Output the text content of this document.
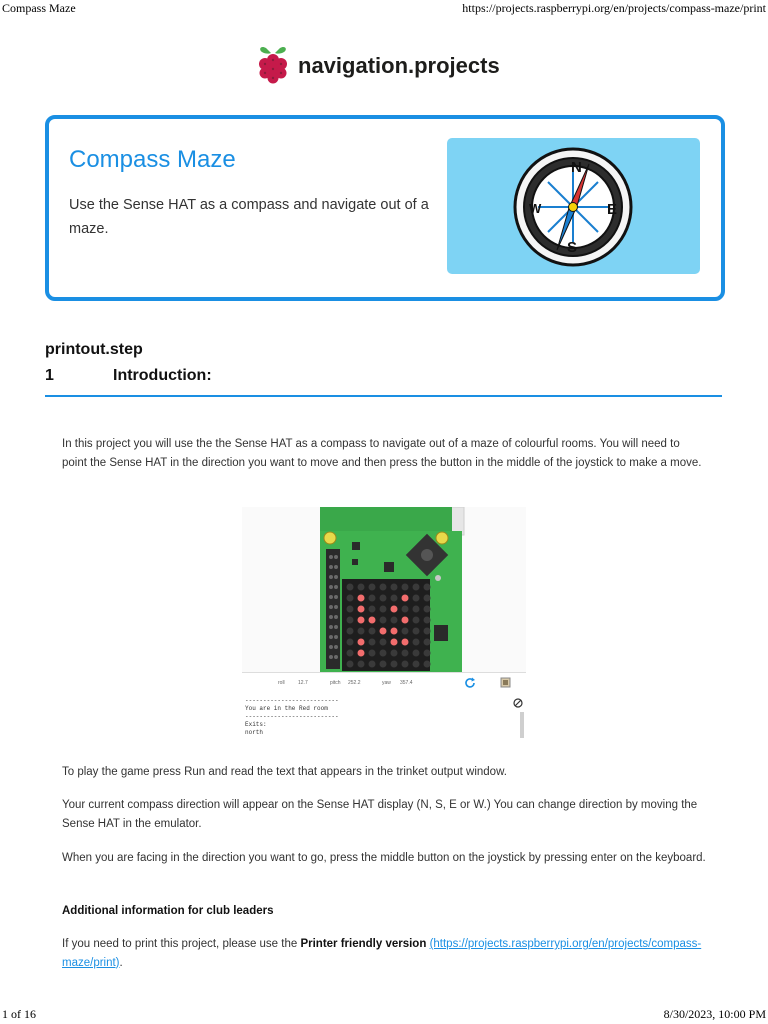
Compass Maze	https://projects.raspberrypi.org/en/projects/compass-maze/print
navigation.projects
Compass Maze
Use the Sense HAT as a compass and navigate out of a maze.
N
S
E
W
printout.step
1	Introduction:
In this project you will use the the Sense HAT as a compass to navigate out of a maze of colourful rooms. You will need to point the Sense HAT in the direction you want to move and then press the button in the middle of the joystick to make a move.
roll	12.7	pitch 252.2	yaw 357.4
--------------------------
You are in the Red room
--------------------------
Exits:
north
To play the game press Run and read the text that appears in the trinket output window.
Your current compass direction will appear on the Sense HAT display (N, S, E or W.) You can change direction by moving the Sense HAT in the emulator.
When you are facing in the direction you want to go, press the middle button on the joystick by pressing enter on the keyboard.
Additional information for club leaders
If you need to print this project, please use the Printer friendly version (https://projects.raspberrypi.org/en/projects/compass-maze/print).
1 of 16	8/30/2023, 10:00 PM
